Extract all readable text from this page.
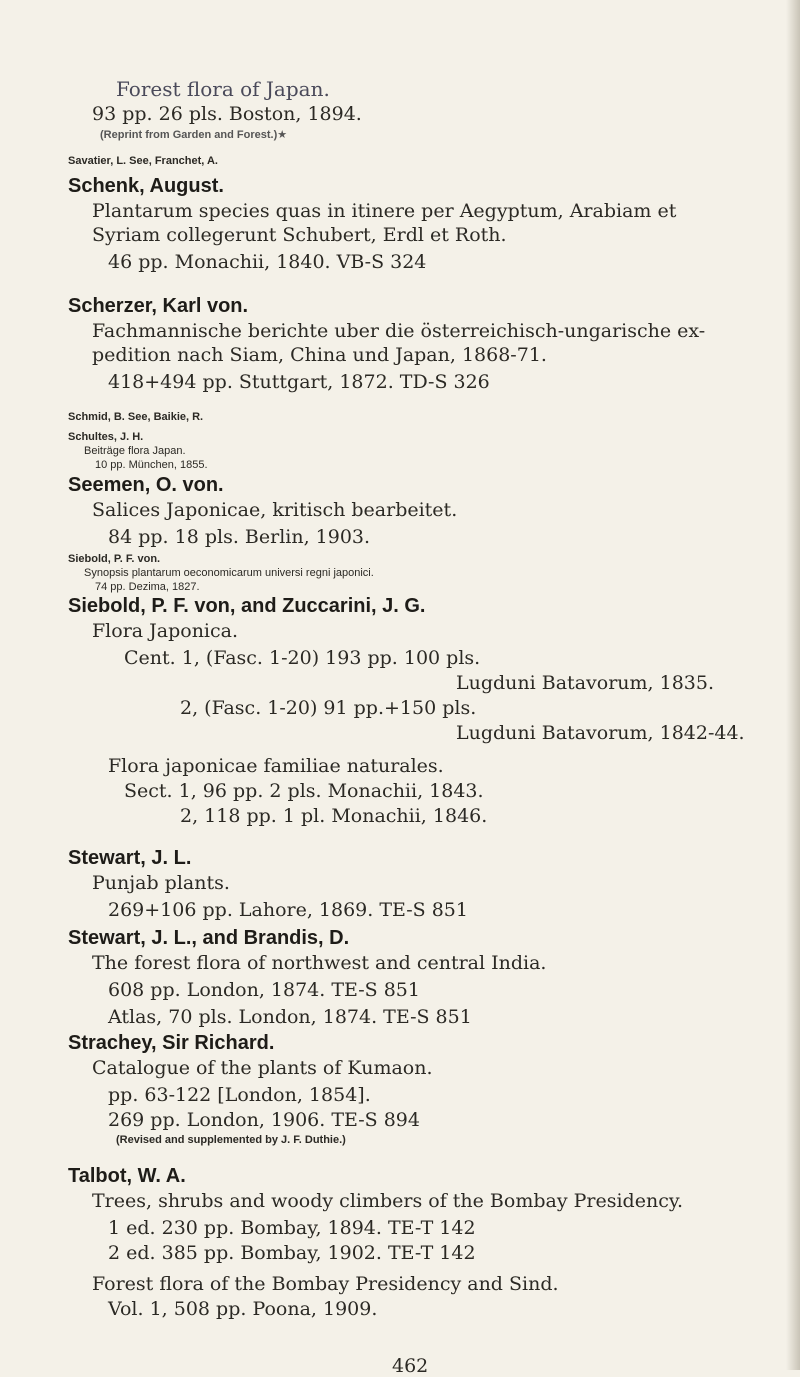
Forest flora of Japan.
93 pp. 26 pls. Boston, 1894.
(Reprint from Garden and Forest.)★
Savatier, L. See, Franchet, A.
Schenk, August.
Plantarum species quas in itinere per Aegyptum, Arabiam et
Syriam collegerunt Schubert, Erdl et Roth.
46 pp. Monachii, 1840. VB-S 324
Scherzer, Karl von.
Fachmannische berichte uber die österreichisch-ungarische ex-
pedition nach Siam, China und Japan, 1868-71.
418+494 pp. Stuttgart, 1872. TD-S 326
Schmid, B. See, Baikie, R.
Schultes, J. H.
Beiträge flora Japan.
10 pp. München, 1855.
Seemen, O. von.
Salices Japonicae, kritisch bearbeitet.
84 pp. 18 pls. Berlin, 1903.
Siebold, P. F. von.
Synopsis plantarum oeconomicarum universi regni japonici.
74 pp. Dezima, 1827.
Siebold, P. F. von, and Zuccarini, J. G.
Flora Japonica.
Cent. 1, (Fasc. 1-20) 193 pp. 100 pls.
Lugduni Batavorum, 1835.
2, (Fasc. 1-20) 91 pp.+150 pls.
Lugduni Batavorum, 1842-44.
Flora japonicae familiae naturales.
Sect. 1, 96 pp. 2 pls. Monachii, 1843.
2, 118 pp. 1 pl. Monachii, 1846.
Stewart, J. L.
Punjab plants.
269+106 pp. Lahore, 1869. TE-S 851
Stewart, J. L., and Brandis, D.
The forest flora of northwest and central India.
608 pp. London, 1874. TE-S 851
Atlas, 70 pls. London, 1874. TE-S 851
Strachey, Sir Richard.
Catalogue of the plants of Kumaon.
pp. 63-122 [London, 1854].
269 pp. London, 1906. TE-S 894
(Revised and supplemented by J. F. Duthie.)
Talbot, W. A.
Trees, shrubs and woody climbers of the Bombay Presidency.
1 ed. 230 pp. Bombay, 1894. TE-T 142
2 ed. 385 pp. Bombay, 1902. TE-T 142
Forest flora of the Bombay Presidency and Sind.
Vol. 1, 508 pp. Poona, 1909.
462
